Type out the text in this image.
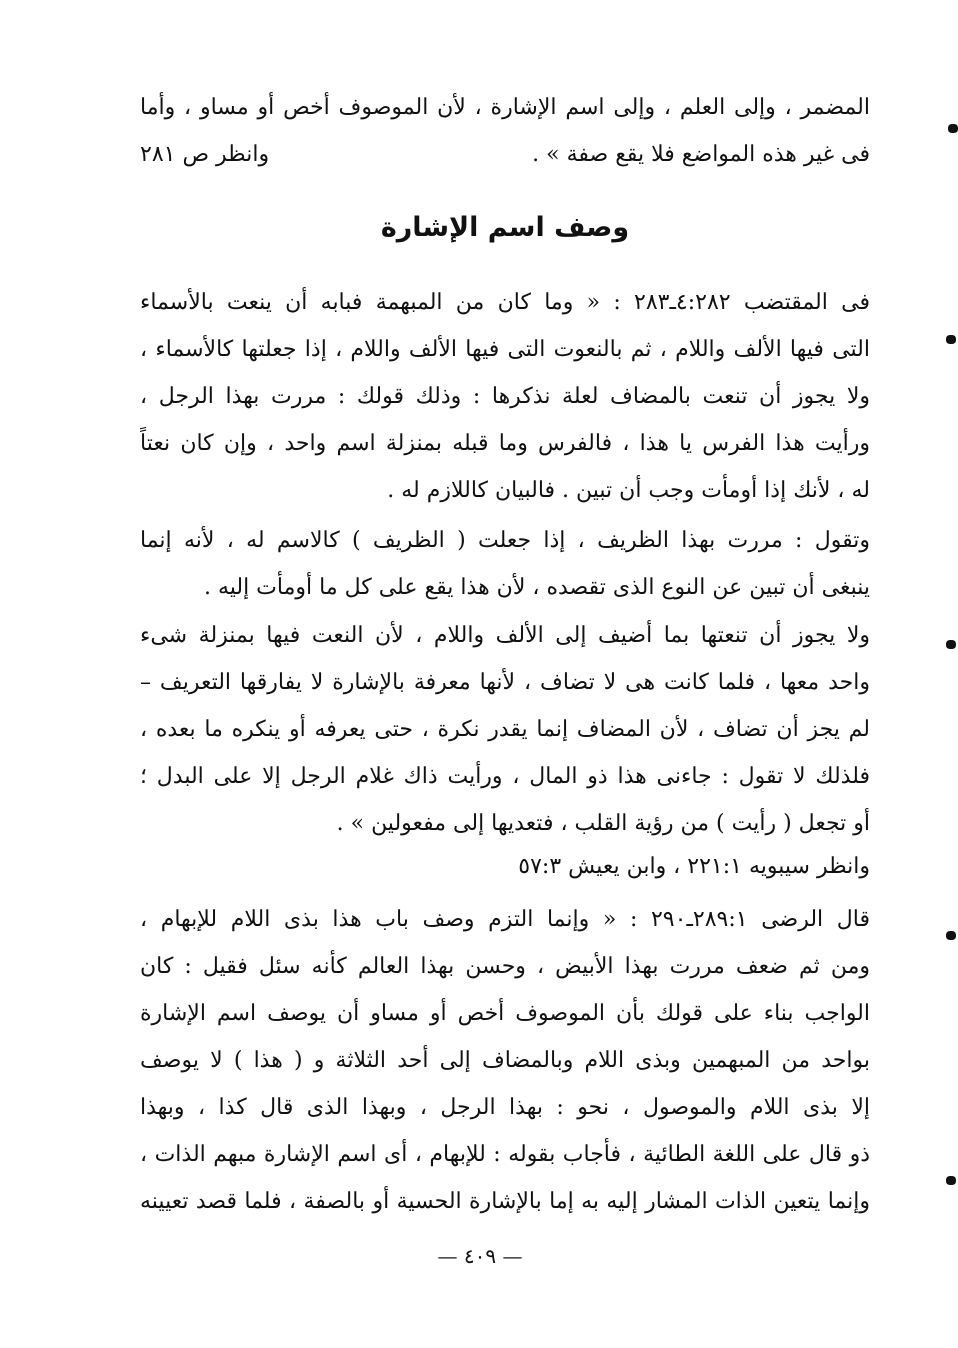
المضمر ، وإلى العلم ، وإلى اسم الإشارة ، لأن الموصوف أخص أو مساو ، وأما
فى غير هذه المواضع فلا يقع صفة » .
وانظر ص ٢٨١
وصف اسم الإشارة
فى المقتضب ٤:٢٨٢ـ٢٨٣ : « وما كان من المبهمة فبابه أن ينعت بالأسماء
التى فيها الألف واللام ، ثم بالنعوت التى فيها الألف واللام ، إذا جعلتها كالأسماء ،
ولا يجوز أن تنعت بالمضاف لعلة نذكرها : وذلك قولك : مررت بهذا الرجل ،
ورأيت هذا الفرس يا هذا ، فالفرس وما قبله بمنزلة اسم واحد ، وإن كان نعتاً
له ، لأنك إذا أومأت وجب أن تبين . فالبيان كاللازم له .
وتقول : مررت بهذا الظريف ، إذا جعلت ( الظريف ) كالاسم له ، لأنه إنما
ينبغى أن تبين عن النوع الذى تقصده ، لأن هذا يقع على كل ما أومأت إليه .
ولا يجوز أن تنعتها بما أضيف إلى الألف واللام ، لأن النعت فيها بمنزلة شىء
واحد معها ، فلما كانت هى لا تضاف ، لأنها معرفة بالإشارة لا يفارقها التعريف –
لم يجز أن تضاف ، لأن المضاف إنما يقدر نكرة ، حتى يعرفه أو ينكره ما بعده ،
فلذلك لا تقول : جاءنى هذا ذو المال ، ورأيت ذاك غلام الرجل إلا على البدل ؛
أو تجعل ( رأيت ) من رؤية القلب ، فتعديها إلى مفعولين » .
وانظر سيبويه ٢٢١:١ ، وابن يعيش ٥٧:٣
قال الرضى ٢٨٩:١ـ٢٩٠ : « وإنما التزم وصف باب هذا بذى اللام للإبهام ،
ومن ثم ضعف مررت بهذا الأبيض ، وحسن بهذا العالم كأنه سئل فقيل : كان
الواجب بناء على قولك بأن الموصوف أخص أو مساو أن يوصف اسم الإشارة
بواحد من المبهمين وبذى اللام وبالمضاف إلى أحد الثلاثة و ( هذا ) لا يوصف
إلا بذى اللام والموصول ، نحو : بهذا الرجل ، وبهذا الذى قال كذا ، وبهذا
ذو قال على اللغة الطائية ، فأجاب بقوله : للإبهام ، أى اسم الإشارة مبهم الذات ،
وإنما يتعين الذات المشار إليه به إما بالإشارة الحسية أو بالصفة ، فلما قصد تعيينه
— ٤٠٩ —
